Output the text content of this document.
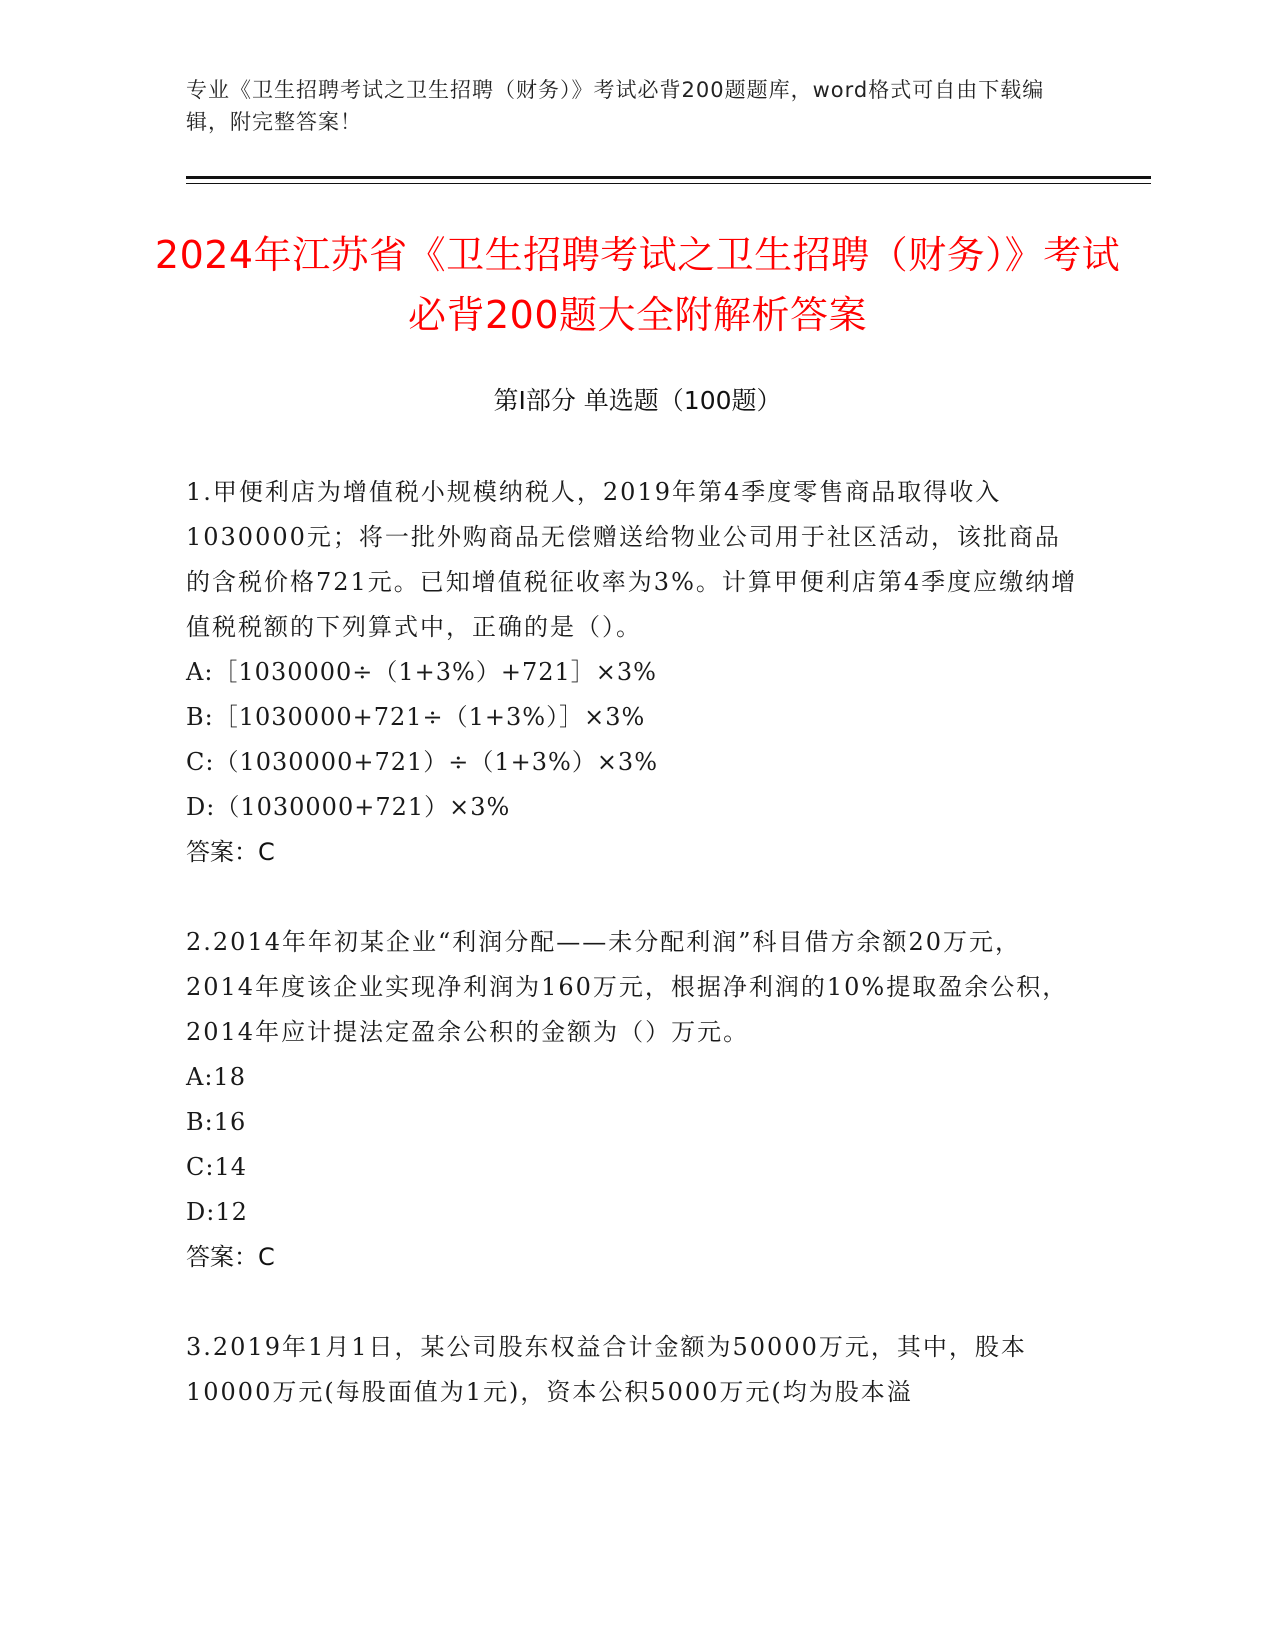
专业《卫生招聘考试之卫生招聘（财务）》考试必背200题题库，word格式可自由下载编辑，附完整答案！
2024年江苏省《卫生招聘考试之卫生招聘（财务）》考试必背200题大全附解析答案
第I部分 单选题（100题）
1.甲便利店为增值税小规模纳税人，2019年第4季度零售商品取得收入1030000元；将一批外购商品无偿赠送给物业公司用于社区活动，该批商品的含税价格721元。已知增值税征收率为3%。计算甲便利店第4季度应缴纳增值税税额的下列算式中，正确的是（）。
A:［1030000÷（1+3%）+721］×3%
B:［1030000+721÷（1+3%）］×3%
C:（1030000+721）÷（1+3%）×3%
D:（1030000+721）×3%
答案：C
2.2014年年初某企业“利润分配——未分配利润”科目借方余额20万元，2014年度该企业实现净利润为160万元，根据净利润的10%提取盈余公积，2014年应计提法定盈余公积的金额为（）万元。
A:18
B:16
C:14
D:12
答案：C
3.2019年1月1日，某公司股东权益合计金额为50000万元，其中，股本10000万元(每股面值为1元)，资本公积5000万元(均为股本溢
